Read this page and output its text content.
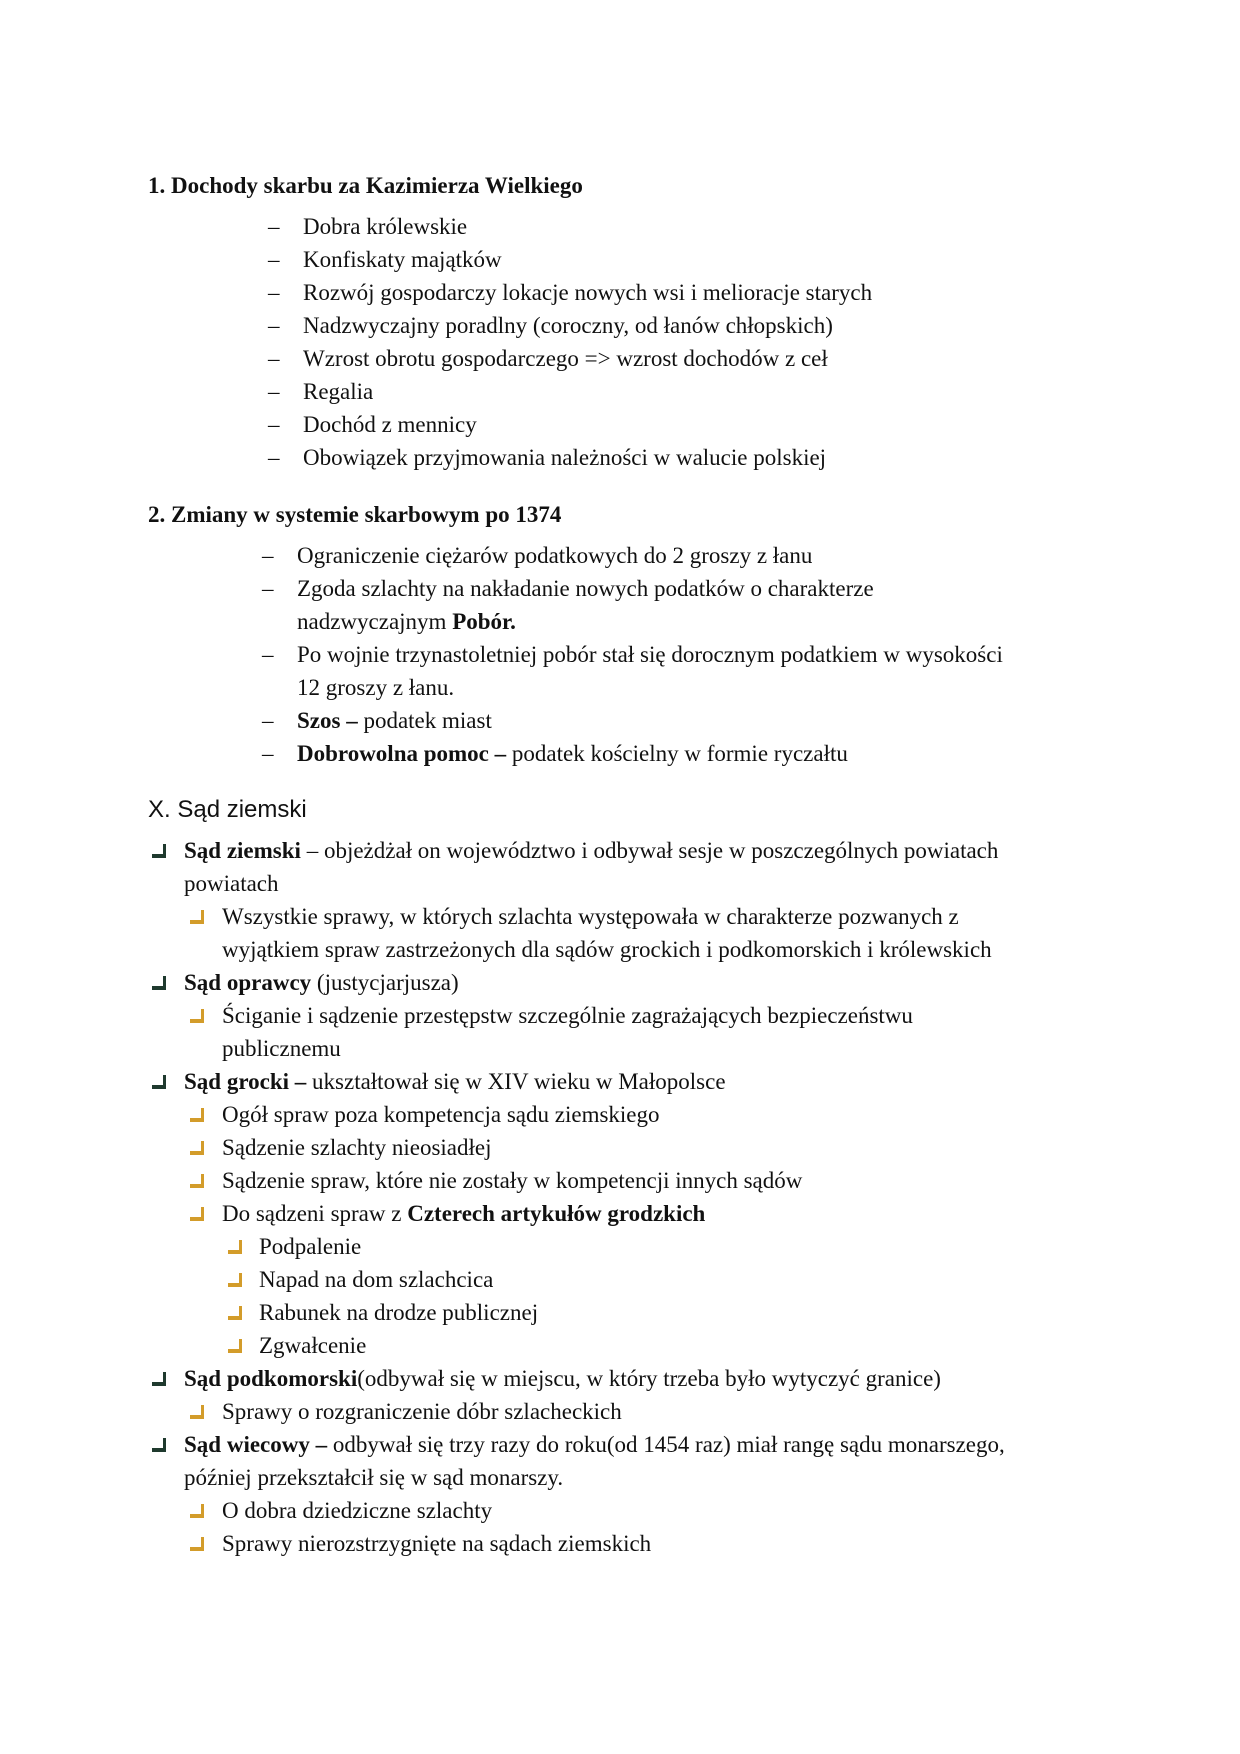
1. Dochody skarbu za Kazimierza Wielkiego
– Dobra królewskie
– Konfiskaty majątków
– Rozwój gospodarczy lokacje nowych wsi i melioracje starych
– Nadzwyczajny poradlny (coroczny, od łanów chłopskich)
– Wzrost obrotu gospodarczego => wzrost dochodów z ceł
– Regalia
– Dochód z mennicy
– Obowiązek przyjmowania należności w walucie polskiej
2. Zmiany w systemie skarbowym po 1374
– Ograniczenie ciężarów podatkowych do 2 groszy z łanu
– Zgoda szlachty na nakładanie nowych podatków o charakterze
nadzwyczajnym Pobór.
– Po wojnie trzynastoletniej pobór stał się dorocznym podatkiem w wysokości
12 groszy z łanu.
– Szos – podatek miast
– Dobrowolna pomoc – podatek kościelny w formie ryczałtu
X. Sąd ziemski
Sąd ziemski – objeżdżał on województwo i odbywał sesje w poszczególnych powiatach
powiatach
Wszystkie sprawy, w których szlachta występowała w charakterze pozwanych z
wyjątkiem spraw zastrzeżonych dla sądów grockich i podkomorskich i królewskich
Sąd oprawcy (justycjarjusza)
Ściganie i sądzenie przestępstw szczególnie zagrażających bezpieczeństwu
publicznemu
Sąd grocki – ukształtował się w XIV wieku w Małopolsce
Ogół spraw poza kompetencja sądu ziemskiego
Sądzenie szlachty nieosiadłej
Sądzenie spraw, które nie zostały w kompetencji innych sądów
Do sądzeni spraw z Czterech artykułów grodzkich
Podpalenie
Napad na dom szlachcica
Rabunek na drodze publicznej
Zgwałcenie
Sąd podkomorski(odbywał się w miejscu, w który trzeba było wytyczyć granice)
Sprawy o rozgraniczenie dóbr szlacheckich
Sąd wiecowy – odbywał się trzy razy do roku(od 1454 raz) miał rangę sądu monarszego,
później przekształcił się w sąd monarszy.
O dobra dziedziczne szlachty
Sprawy nierozstrzygnięte na sądach ziemskich
